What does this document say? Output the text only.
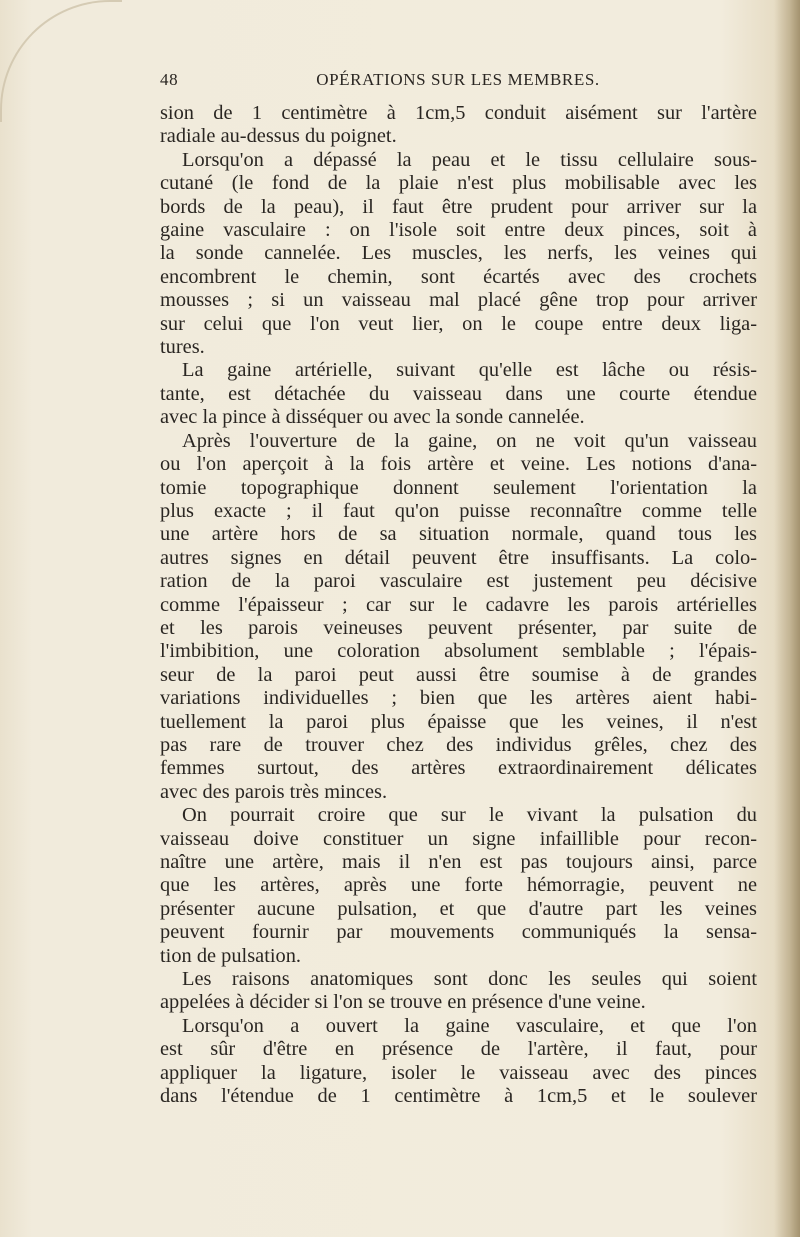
48	OPÉRATIONS SUR LES MEMBRES.
sion de 1 centimètre à 1cm,5 conduit aisément sur l'artère
radiale au-dessus du poignet.
Lorsqu'on a dépassé la peau et le tissu cellulaire sous-
cutané (le fond de la plaie n'est plus mobilisable avec les
bords de la peau), il faut être prudent pour arriver sur la
gaine vasculaire : on l'isole soit entre deux pinces, soit à
la sonde cannelée. Les muscles, les nerfs, les veines qui
encombrent le chemin, sont écartés avec des crochets
mousses ; si un vaisseau mal placé gêne trop pour arriver
sur celui que l'on veut lier, on le coupe entre deux liga-
tures.
La gaine artérielle, suivant qu'elle est lâche ou résis-
tante, est détachée du vaisseau dans une courte étendue
avec la pince à disséquer ou avec la sonde cannelée.
Après l'ouverture de la gaine, on ne voit qu'un vaisseau
ou l'on aperçoit à la fois artère et veine. Les notions d'ana-
tomie topographique donnent seulement l'orientation la
plus exacte ; il faut qu'on puisse reconnaître comme telle
une artère hors de sa situation normale, quand tous les
autres signes en détail peuvent être insuffisants. La colo-
ration de la paroi vasculaire est justement peu décisive
comme l'épaisseur ; car sur le cadavre les parois artérielles
et les parois veineuses peuvent présenter, par suite de
l'imbibition, une coloration absolument semblable ; l'épais-
seur de la paroi peut aussi être soumise à de grandes
variations individuelles ; bien que les artères aient habi-
tuellement la paroi plus épaisse que les veines, il n'est
pas rare de trouver chez des individus grêles, chez des
femmes surtout, des artères extraordinairement délicates
avec des parois très minces.
On pourrait croire que sur le vivant la pulsation du
vaisseau doive constituer un signe infaillible pour recon-
naître une artère, mais il n'en est pas toujours ainsi, parce
que les artères, après une forte hémorragie, peuvent ne
présenter aucune pulsation, et que d'autre part les veines
peuvent fournir par mouvements communiqués la sensa-
tion de pulsation.
Les raisons anatomiques sont donc les seules qui soient
appelées à décider si l'on se trouve en présence d'une veine.
Lorsqu'on a ouvert la gaine vasculaire, et que l'on
est sûr d'être en présence de l'artère, il faut, pour
appliquer la ligature, isoler le vaisseau avec des pinces
dans l'étendue de 1 centimètre à 1cm,5 et le soulever
